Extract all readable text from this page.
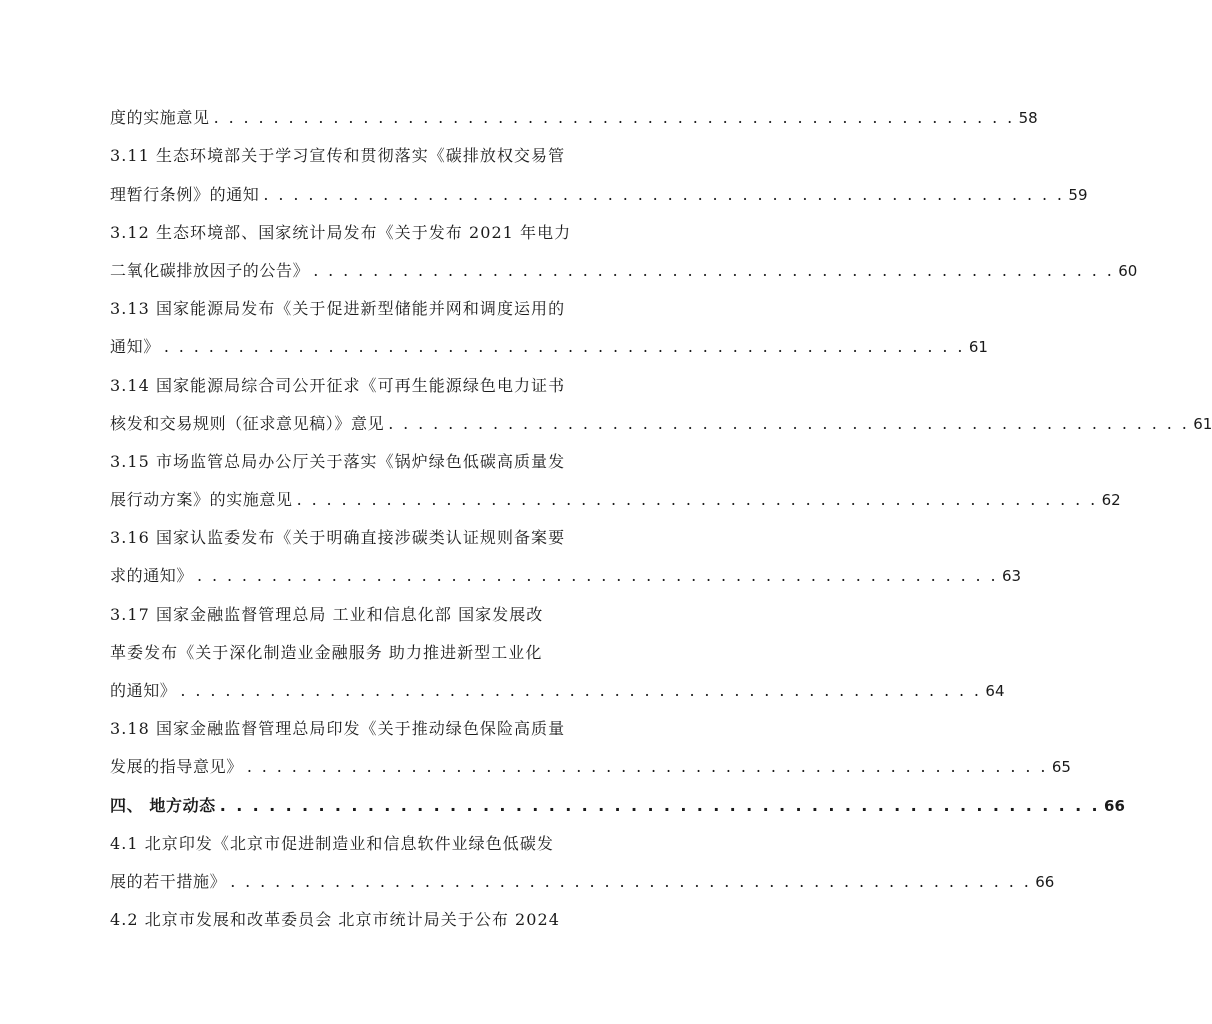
度的实施意见 . . . . . . . . . . . . . . . . . . . . . . . . . . . . . . . . . . . . . . . . . . . . . . . . . . . . . . 58
3.11 生态环境部关于学习宣传和贯彻落实《碳排放权交易管
理暂行条例》的通知 . . . . . . . . . . . . . . . . . . . . . . . . . . . . . . . . . . . . . . . . . . . . . . . . . . . . . . 59
3.12 生态环境部、国家统计局发布《关于发布 2021 年电力
二氧化碳排放因子的公告》 . . . . . . . . . . . . . . . . . . . . . . . . . . . . . . . . . . . . . . . . . . . . . . . . . . . . . . 60
3.13 国家能源局发布《关于促进新型储能并网和调度运用的
通知》 . . . . . . . . . . . . . . . . . . . . . . . . . . . . . . . . . . . . . . . . . . . . . . . . . . . . . . 61
3.14 国家能源局综合司公开征求《可再生能源绿色电力证书
核发和交易规则（征求意见稿）》意见 . . . . . . . . . . . . . . . . . . . . . . . . . . . . . . . . . . . . . . . . . . . . . . . . . . . . . . 61
3.15 市场监管总局办公厅关于落实《锅炉绿色低碳高质量发
展行动方案》的实施意见 . . . . . . . . . . . . . . . . . . . . . . . . . . . . . . . . . . . . . . . . . . . . . . . . . . . . . . 62
3.16 国家认监委发布《关于明确直接涉碳类认证规则备案要
求的通知》 . . . . . . . . . . . . . . . . . . . . . . . . . . . . . . . . . . . . . . . . . . . . . . . . . . . . . . 63
3.17 国家金融监督管理总局 工业和信息化部 国家发展改
革委发布《关于深化制造业金融服务 助力推进新型工业化
的通知》 . . . . . . . . . . . . . . . . . . . . . . . . . . . . . . . . . . . . . . . . . . . . . . . . . . . . . . 64
3.18 国家金融监督管理总局印发《关于推动绿色保险高质量
发展的指导意见》 . . . . . . . . . . . . . . . . . . . . . . . . . . . . . . . . . . . . . . . . . . . . . . . . . . . . . . 65
四、 地方动态 . . . . . . . . . . . . . . . . . . . . . . . . . . . . . . . . . . . . . . . . . . . . . . . . . . . . . . 66
4.1 北京印发《北京市促进制造业和信息软件业绿色低碳发
展的若干措施》 . . . . . . . . . . . . . . . . . . . . . . . . . . . . . . . . . . . . . . . . . . . . . . . . . . . . . . 66
4.2 北京市发展和改革委员会 北京市统计局关于公布 2024
